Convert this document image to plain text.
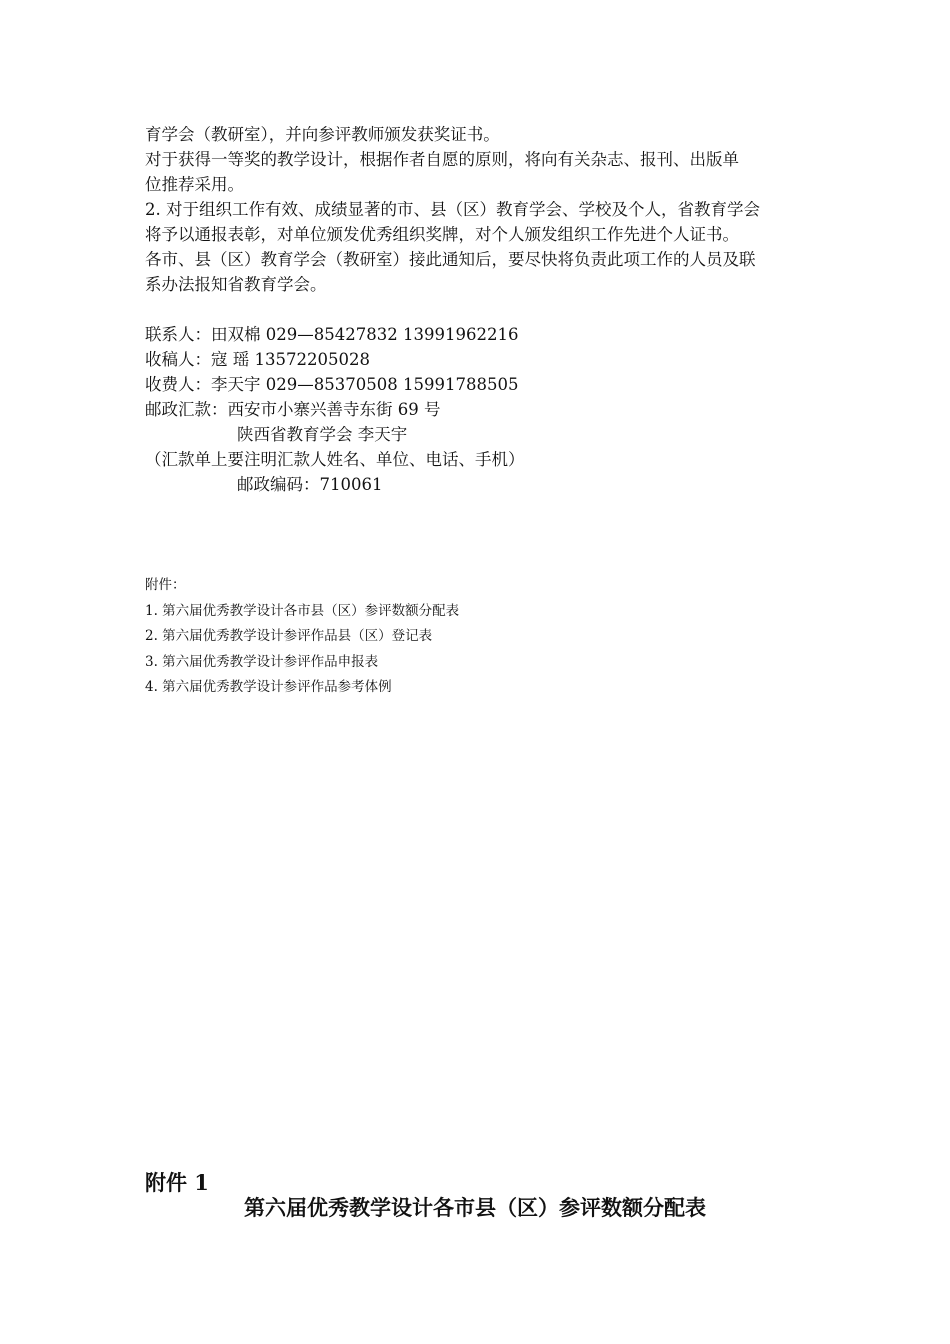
育学会（教研室），并向参评教师颁发获奖证书。

对于获得一等奖的教学设计，根据作者自愿的原则，将向有关杂志、报刊、出版单

位推荐采用。

2. 对于组织工作有效、成绩显著的市、县（区）教育学会、学校及个人，省教育学会

将予以通报表彰，对单位颁发优秀组织奖牌，对个人颁发组织工作先进个人证书。

各市、县（区）教育学会（教研室）接此通知后，要尽快将负责此项工作的人员及联

系办法报知省教育学会。

联系人：田双棉 029—85427832 13991962216

收稿人：寇 瑶 13572205028

收费人：李天宇 029—85370508 15991788505

邮政汇款：西安市小寨兴善寺东街 69 号

陕西省教育学会 李天宇

（汇款单上要注明汇款人姓名、单位、电话、手机）

邮政编码：710061

附件：

1. 第六届优秀教学设计各市县（区）参评数额分配表

2. 第六届优秀教学设计参评作品县（区）登记表

3. 第六届优秀教学设计参评作品申报表

4. 第六届优秀教学设计参评作品参考体例

附件 1

第六届优秀教学设计各市县（区）参评数额分配表
